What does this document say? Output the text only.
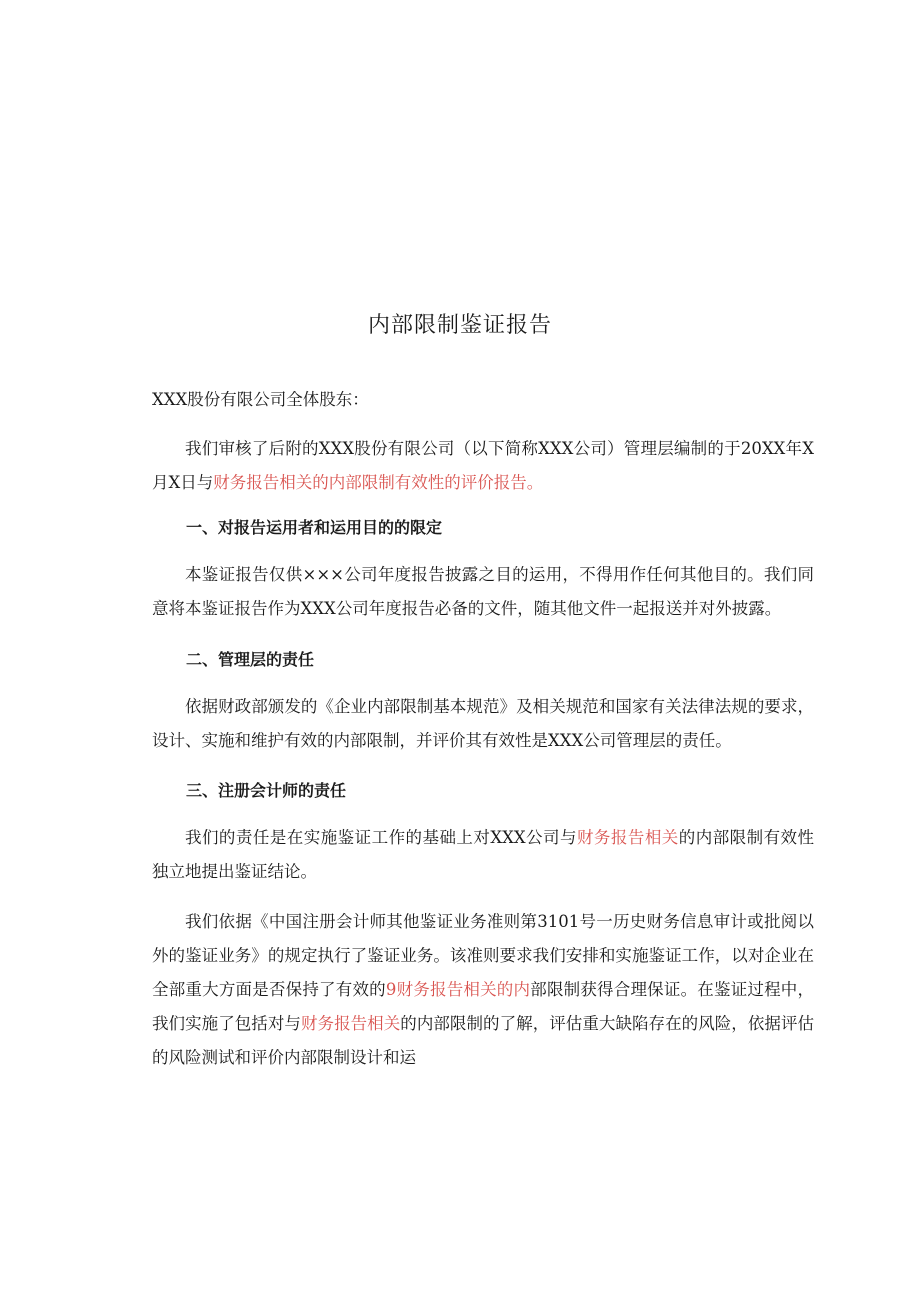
内部限制鉴证报告
XXX股份有限公司全体股东：
我们审核了后附的XXX股份有限公司（以下简称XXX公司）管理层编制的于20XX年X月X日与财务报告相关的内部限制有效性的评价报告。
一、对报告运用者和运用目的的限定
本鉴证报告仅供×××公司年度报告披露之目的运用，不得用作任何其他目的。我们同意将本鉴证报告作为XXX公司年度报告必备的文件，随其他文件一起报送并对外披露。
二、管理层的责任
依据财政部颁发的《企业内部限制基本规范》及相关规范和国家有关法律法规的要求，设计、实施和维护有效的内部限制，并评价其有效性是XXX公司管理层的责任。
三、注册会计师的责任
我们的责任是在实施鉴证工作的基础上对XXX公司与财务报告相关的内部限制有效性独立地提出鉴证结论。
我们依据《中国注册会计师其他鉴证业务准则第3101号一历史财务信息审计或批阅以外的鉴证业务》的规定执行了鉴证业务。该准则要求我们安排和实施鉴证工作，以对企业在全部重大方面是否保持了有效的9财务报告相关的内部限制获得合理保证。在鉴证过程中，我们实施了包括对与财务报告相关的内部限制的了解，评估重大缺陷存在的风险，依据评估的风险测试和评价内部限制设计和运
